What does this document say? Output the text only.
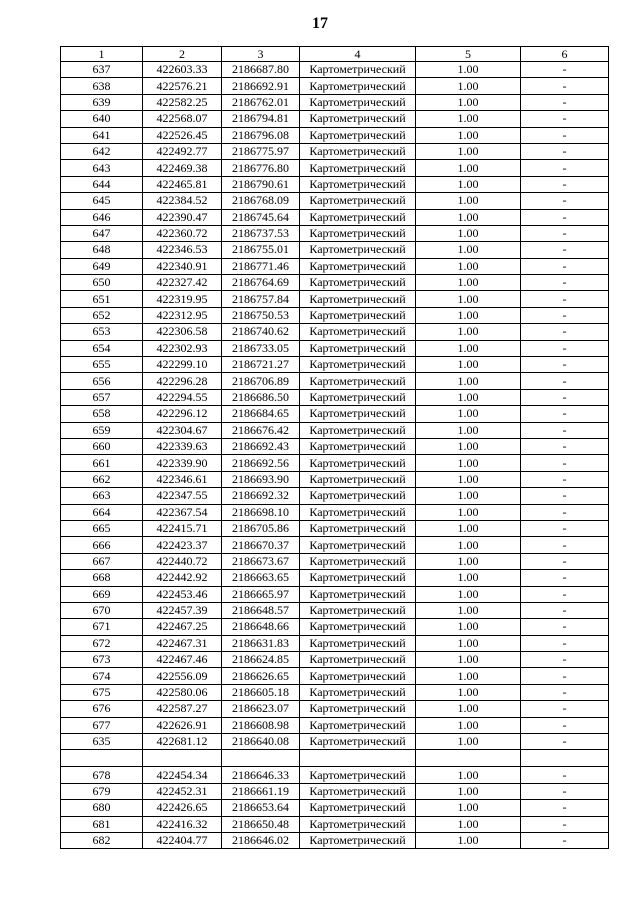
17
1	2	3	4	5	6
637	422603.33	2186687.80	Картометрический	1.00	-
638	422576.21	2186692.91	Картометрический	1.00	-
639	422582.25	2186762.01	Картометрический	1.00	-
640	422568.07	2186794.81	Картометрический	1.00	-
641	422526.45	2186796.08	Картометрический	1.00	-
642	422492.77	2186775.97	Картометрический	1.00	-
643	422469.38	2186776.80	Картометрический	1.00	-
644	422465.81	2186790.61	Картометрический	1.00	-
645	422384.52	2186768.09	Картометрический	1.00	-
646	422390.47	2186745.64	Картометрический	1.00	-
647	422360.72	2186737.53	Картометрический	1.00	-
648	422346.53	2186755.01	Картометрический	1.00	-
649	422340.91	2186771.46	Картометрический	1.00	-
650	422327.42	2186764.69	Картометрический	1.00	-
651	422319.95	2186757.84	Картометрический	1.00	-
652	422312.95	2186750.53	Картометрический	1.00	-
653	422306.58	2186740.62	Картометрический	1.00	-
654	422302.93	2186733.05	Картометрический	1.00	-
655	422299.10	2186721.27	Картометрический	1.00	-
656	422296.28	2186706.89	Картометрический	1.00	-
657	422294.55	2186686.50	Картометрический	1.00	-
658	422296.12	2186684.65	Картометрический	1.00	-
659	422304.67	2186676.42	Картометрический	1.00	-
660	422339.63	2186692.43	Картометрический	1.00	-
661	422339.90	2186692.56	Картометрический	1.00	-
662	422346.61	2186693.90	Картометрический	1.00	-
663	422347.55	2186692.32	Картометрический	1.00	-
664	422367.54	2186698.10	Картометрический	1.00	-
665	422415.71	2186705.86	Картометрический	1.00	-
666	422423.37	2186670.37	Картометрический	1.00	-
667	422440.72	2186673.67	Картометрический	1.00	-
668	422442.92	2186663.65	Картометрический	1.00	-
669	422453.46	2186665.97	Картометрический	1.00	-
670	422457.39	2186648.57	Картометрический	1.00	-
671	422467.25	2186648.66	Картометрический	1.00	-
672	422467.31	2186631.83	Картометрический	1.00	-
673	422467.46	2186624.85	Картометрический	1.00	-
674	422556.09	2186626.65	Картометрический	1.00	-
675	422580.06	2186605.18	Картометрический	1.00	-
676	422587.27	2186623.07	Картометрический	1.00	-
677	422626.91	2186608.98	Картометрический	1.00	-
635	422681.12	2186640.08	Картометрический	1.00	-

678	422454.34	2186646.33	Картометрический	1.00	-
679	422452.31	2186661.19	Картометрический	1.00	-
680	422426.65	2186653.64	Картометрический	1.00	-
681	422416.32	2186650.48	Картометрический	1.00	-
682	422404.77	2186646.02	Картометрический	1.00	-
